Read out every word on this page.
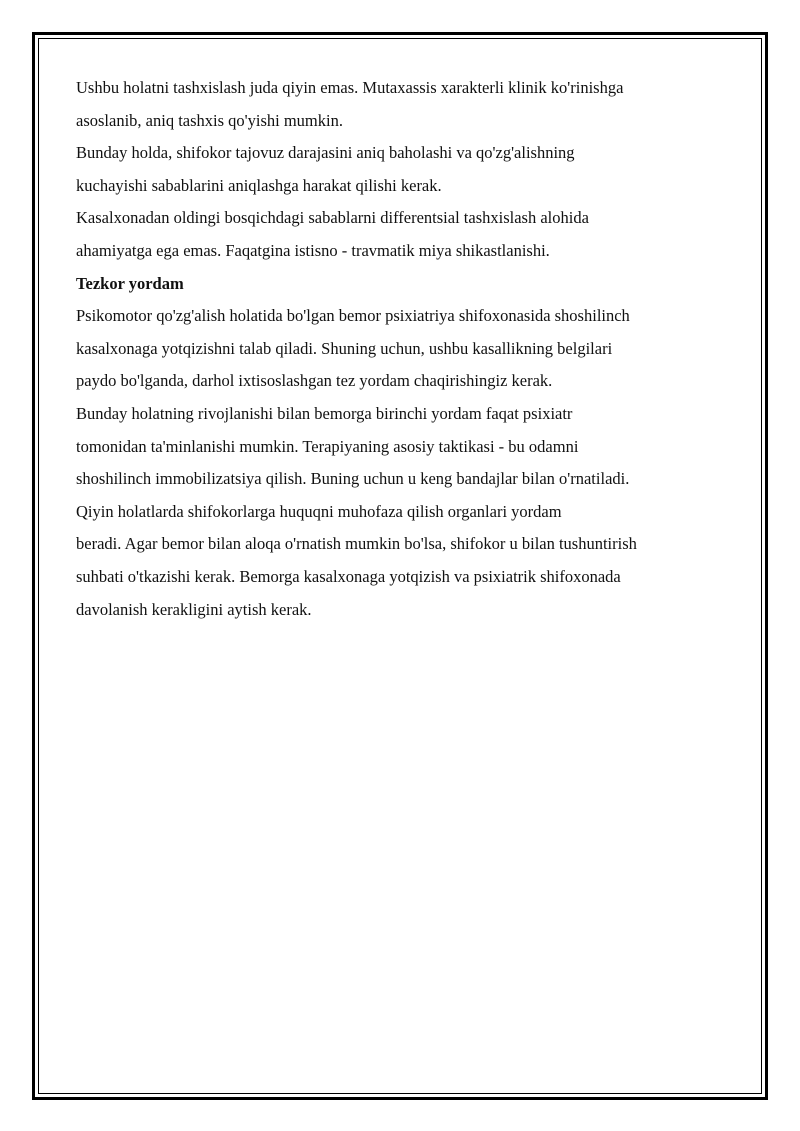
Ushbu holatni tashxislash juda qiyin emas. Mutaxassis xarakterli klinik ko'rinishga
asoslanib, aniq tashxis qo'yishi mumkin.

Bunday holda, shifokor tajovuz darajasini aniq baholashi va qo'zg'alishning
kuchayishi sabablarini aniqlashga harakat qilishi kerak.

Kasalxonadan oldingi bosqichdagi sabablarni differentsial tashxislash alohida
ahamiyatga ega emas. Faqatgina istisno - travmatik miya shikastlanishi.

Tezkor yordam

Psikomotor qo'zg'alish holatida bo'lgan bemor psixiatriya shifoxonasida shoshilinch
kasalxonaga yotqizishni talab qiladi. Shuning uchun, ushbu kasallikning belgilari
paydo bo'lganda, darhol ixtisoslashgan tez yordam chaqirishingiz kerak.

Bunday holatning rivojlanishi bilan bemorga birinchi yordam faqat psixiatr
tomonidan ta'minlanishi mumkin. Terapiyaning asosiy taktikasi - bu odamni
shoshilinch immobilizatsiya qilish. Buning uchun u keng bandajlar bilan o'rnatiladi.
Qiyin holatlarda shifokorlarga huquqni muhofaza qilish organlari yordam
beradi. Agar bemor bilan aloqa o'rnatish mumkin bo'lsa, shifokor u bilan tushuntirish
suhbati o'tkazishi kerak. Bemorga kasalxonaga yotqizish va psixiatrik shifoxonada
davolanish kerakligini aytish kerak.
